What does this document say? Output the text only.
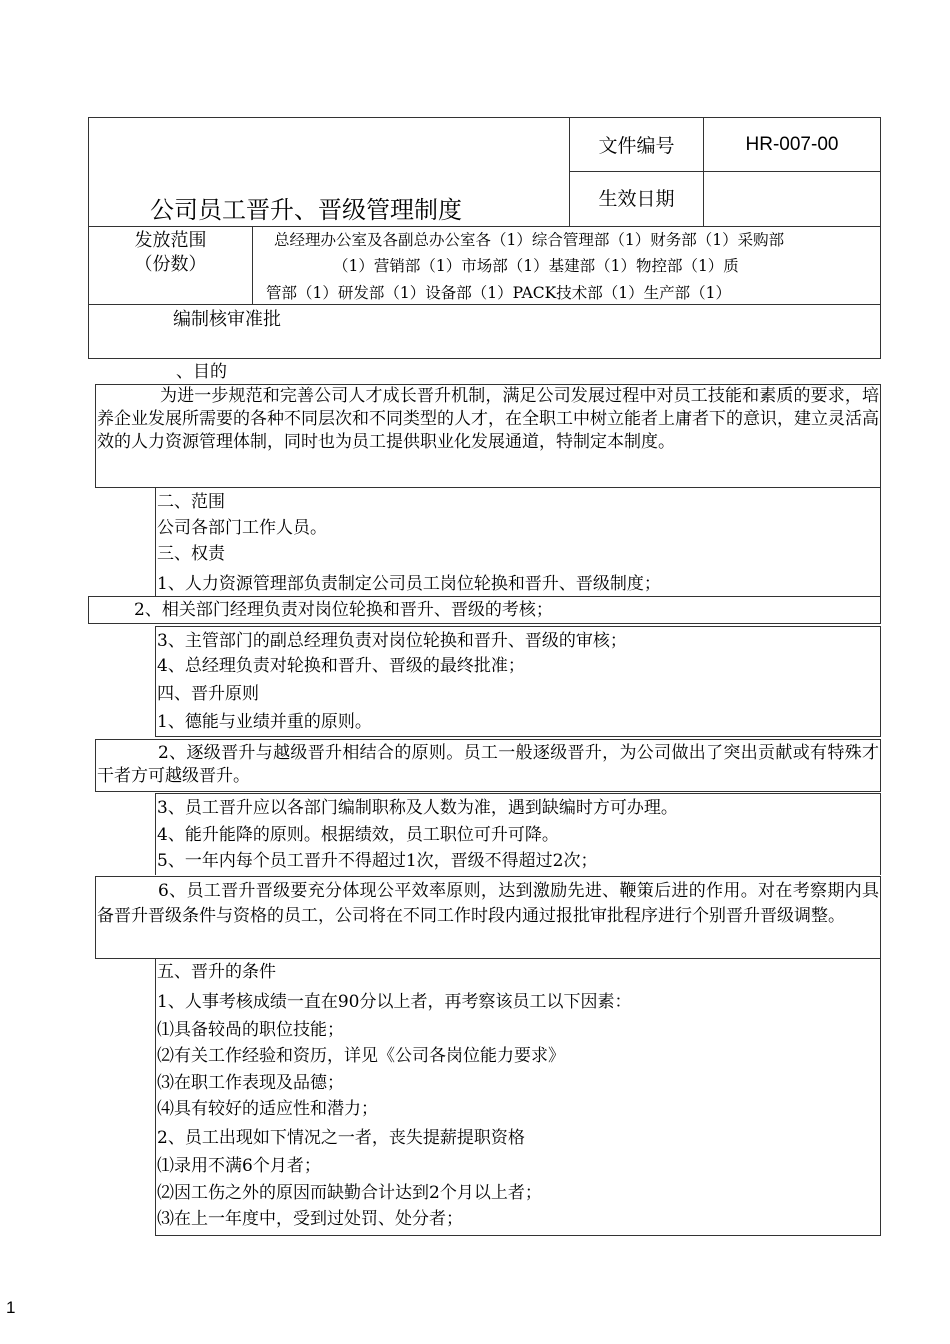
公司员工晋升、晋级管理制度
文件编号	HR-007-00
生效日期
发放范围
（份数）
总经理办公室及各副总办公室各（1）综合管理部（1）财务部（1）采购部
（1）营销部（1）市场部（1）基建部（1）物控部（1）质
管部（1）研发部（1）设备部（1）PACK技术部（1）生产部（1）
编制核审准批
、目的
为进一步规范和完善公司人才成长晋升机制，满足公司发展过程中对员工技能和素质的要求，培养企业发展所需要的各种不同层次和不同类型的人才，在全职工中树立能者上庸者下的意识，建立灵活高效的人力资源管理体制，同时也为员工提供职业化发展通道，特制定本制度。
二、范围
公司各部门工作人员。
三、权责
1、人力资源管理部负责制定公司员工岗位轮换和晋升、晋级制度；
2、相关部门经理负责对岗位轮换和晋升、晋级的考核；
3、主管部门的副总经理负责对岗位轮换和晋升、晋级的审核；
4、总经理负责对轮换和晋升、晋级的最终批准；
四、晋升原则
1、德能与业绩并重的原则。
2、逐级晋升与越级晋升相结合的原则。员工一般逐级晋升，为公司做出了突出贡献或有特殊才干者方可越级晋升。
3、员工晋升应以各部门编制职称及人数为准，遇到缺编时方可办理。
4、能升能降的原则。根据绩效，员工职位可升可降。
5、一年内每个员工晋升不得超过1次，晋级不得超过2次；
6、员工晋升晋级要充分体现公平效率原则，达到激励先进、鞭策后进的作用。对在考察期内具备晋升晋级条件与资格的员工，公司将在不同工作时段内通过报批审批程序进行个别晋升晋级调整。
五、晋升的条件
1、人事考核成绩一直在90分以上者，再考察该员工以下因素：
⑴具备较咼的职位技能；
⑵有关工作经验和资历，详见《公司各岗位能力要求》
⑶在职工作表现及品德；
⑷具有较好的适应性和潜力；
2、员工出现如下情况之一者，丧失提薪提职资格
⑴录用不满6个月者；
⑵因工伤之外的原因而缺勤合计达到2个月以上者；
⑶在上一年度中，受到过处罚、处分者；
1
